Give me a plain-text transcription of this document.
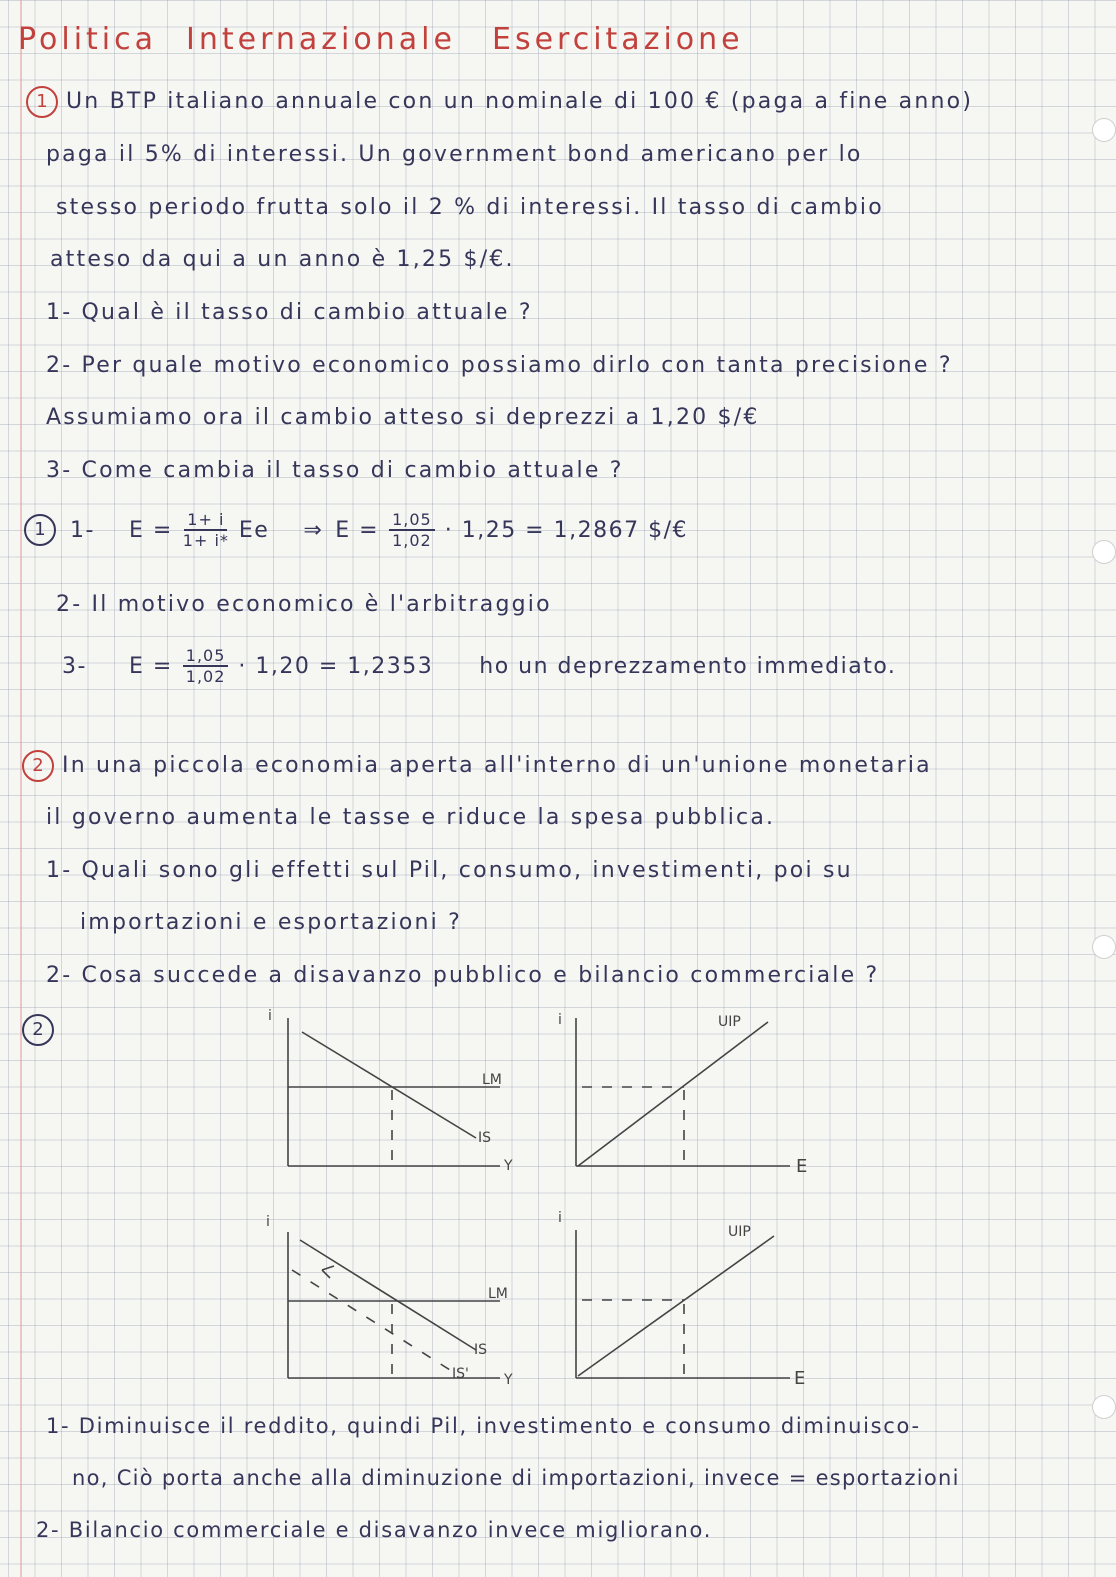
Politica Internazionale Esercitazione
1 Un BTP italiano annuale con un nominale di 100 € (paga a fine anno)
paga il 5% di interessi. Un government bond americano per lo
stesso periodo frutta solo il 2 % di interessi. Il tasso di cambio
atteso da qui a un anno è 1,25 $/€.
1- Qual è il tasso di cambio attuale ?
2- Per quale motivo economico possiamo dirlo con tanta precisione ?
Assumiamo ora il cambio atteso si deprezzi a 1,20 $/€
3- Come cambia il tasso di cambio attuale ?
1	1- $E = \frac{1+ i}{1+ i*}$ Ee ⇒ $E = \frac{1,05}{1,02} \cdot 1,25 = 1,2867$ $/€
2- Il motivo economico è l'arbitraggio
3- $E = \frac{1,05}{1,02} \cdot 1,20 = 1,2353$ ho un deprezzamento immediato.
2 In una piccola economia aperta all'interno di un'unione monetaria
il governo aumenta le tasse e riduce la spesa pubblica.
1- Quali sono gli effetti sul Pil, consumo, investimenti, poi su
importazioni e esportazioni ?
2- Cosa succede a disavanzo pubblico e bilancio commerciale ?
2
i
LM
IS
Y
i	UIP
E
i
LM
IS
IS'	Y
i
UIP
E
1- Diminuisce il reddito, quindi Pil, investimento e consumo diminuisco-
no, Ciò porta anche alla diminuzione di importazioni, invece = esportazioni
2- Bilancio commerciale e disavanzo invece migliorano.
